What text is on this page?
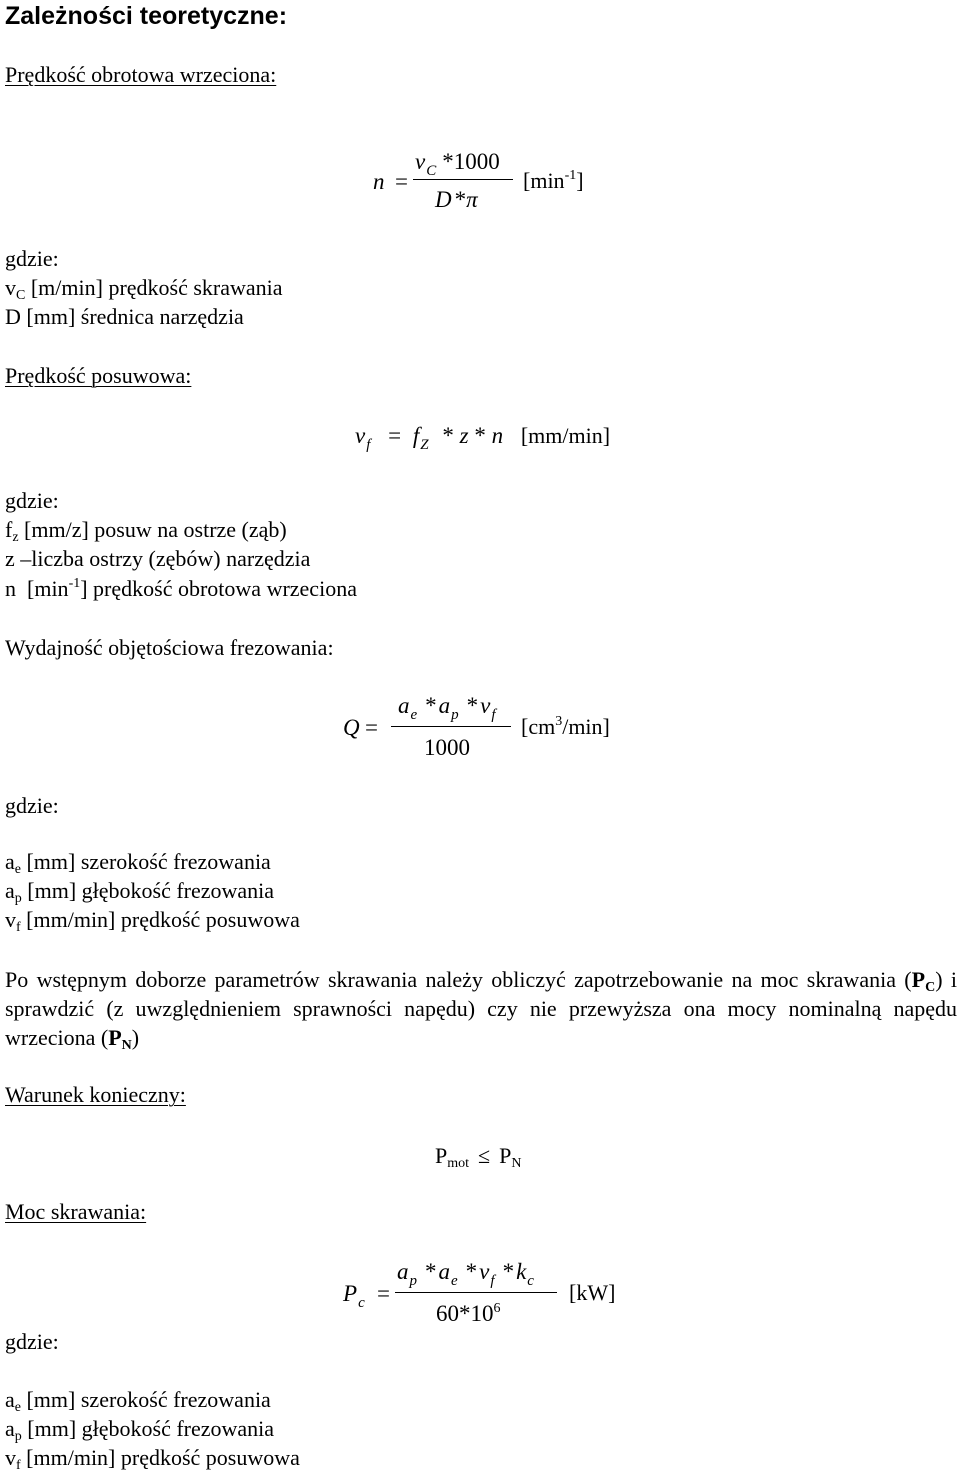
Zależności teoretyczne:
Prędkość obrotowa wrzeciona:
n =
$v_C$ *1000
D *π
$[\min^{-1}]$
gdzie:
$v_C$ [m/min] prędkość skrawania
D [mm] średnica narzędzia
Prędkość posuwowa:
$v_f = f_Z * z * n$ [mm/min]
gdzie:
$f_z$ [mm/z] posuw na ostrze (ząb)
z –liczba ostrzy (zębów) narzędzia
n  $[\min^{-1}]$ prędkość obrotowa wrzeciona
Wydajność objętościowa frezowania:
Q =
$a_e$ $*a_p$ $*v_f$
1000
$[cm^3/\min]$
gdzie:
$a_e$ [mm] szerokość frezowania
$a_p$ [mm] głębokość frezowania
$v_f$ [mm/min] prędkość posuwowa
Po wstępnym doborze parametrów skrawania należy obliczyć zapotrzebowanie na moc skrawania $(P_C)$ i sprawdzić (z uwzględnieniem sprawności napędu) czy nie przewyższa ona mocy nominalną napędu wrzeciona $(P_N)$
Warunek konieczny:
$P_{mot} \le P_N$
Moc skrawania:
$P_c$ =
$a_p$ $*a_e$ $*v_f$ $*k_c$
$60*10^6$
[kW]
gdzie:
$a_e$ [mm] szerokość frezowania
$a_p$ [mm] głębokość frezowania
$v_f$ [mm/min] prędkość posuwowa
